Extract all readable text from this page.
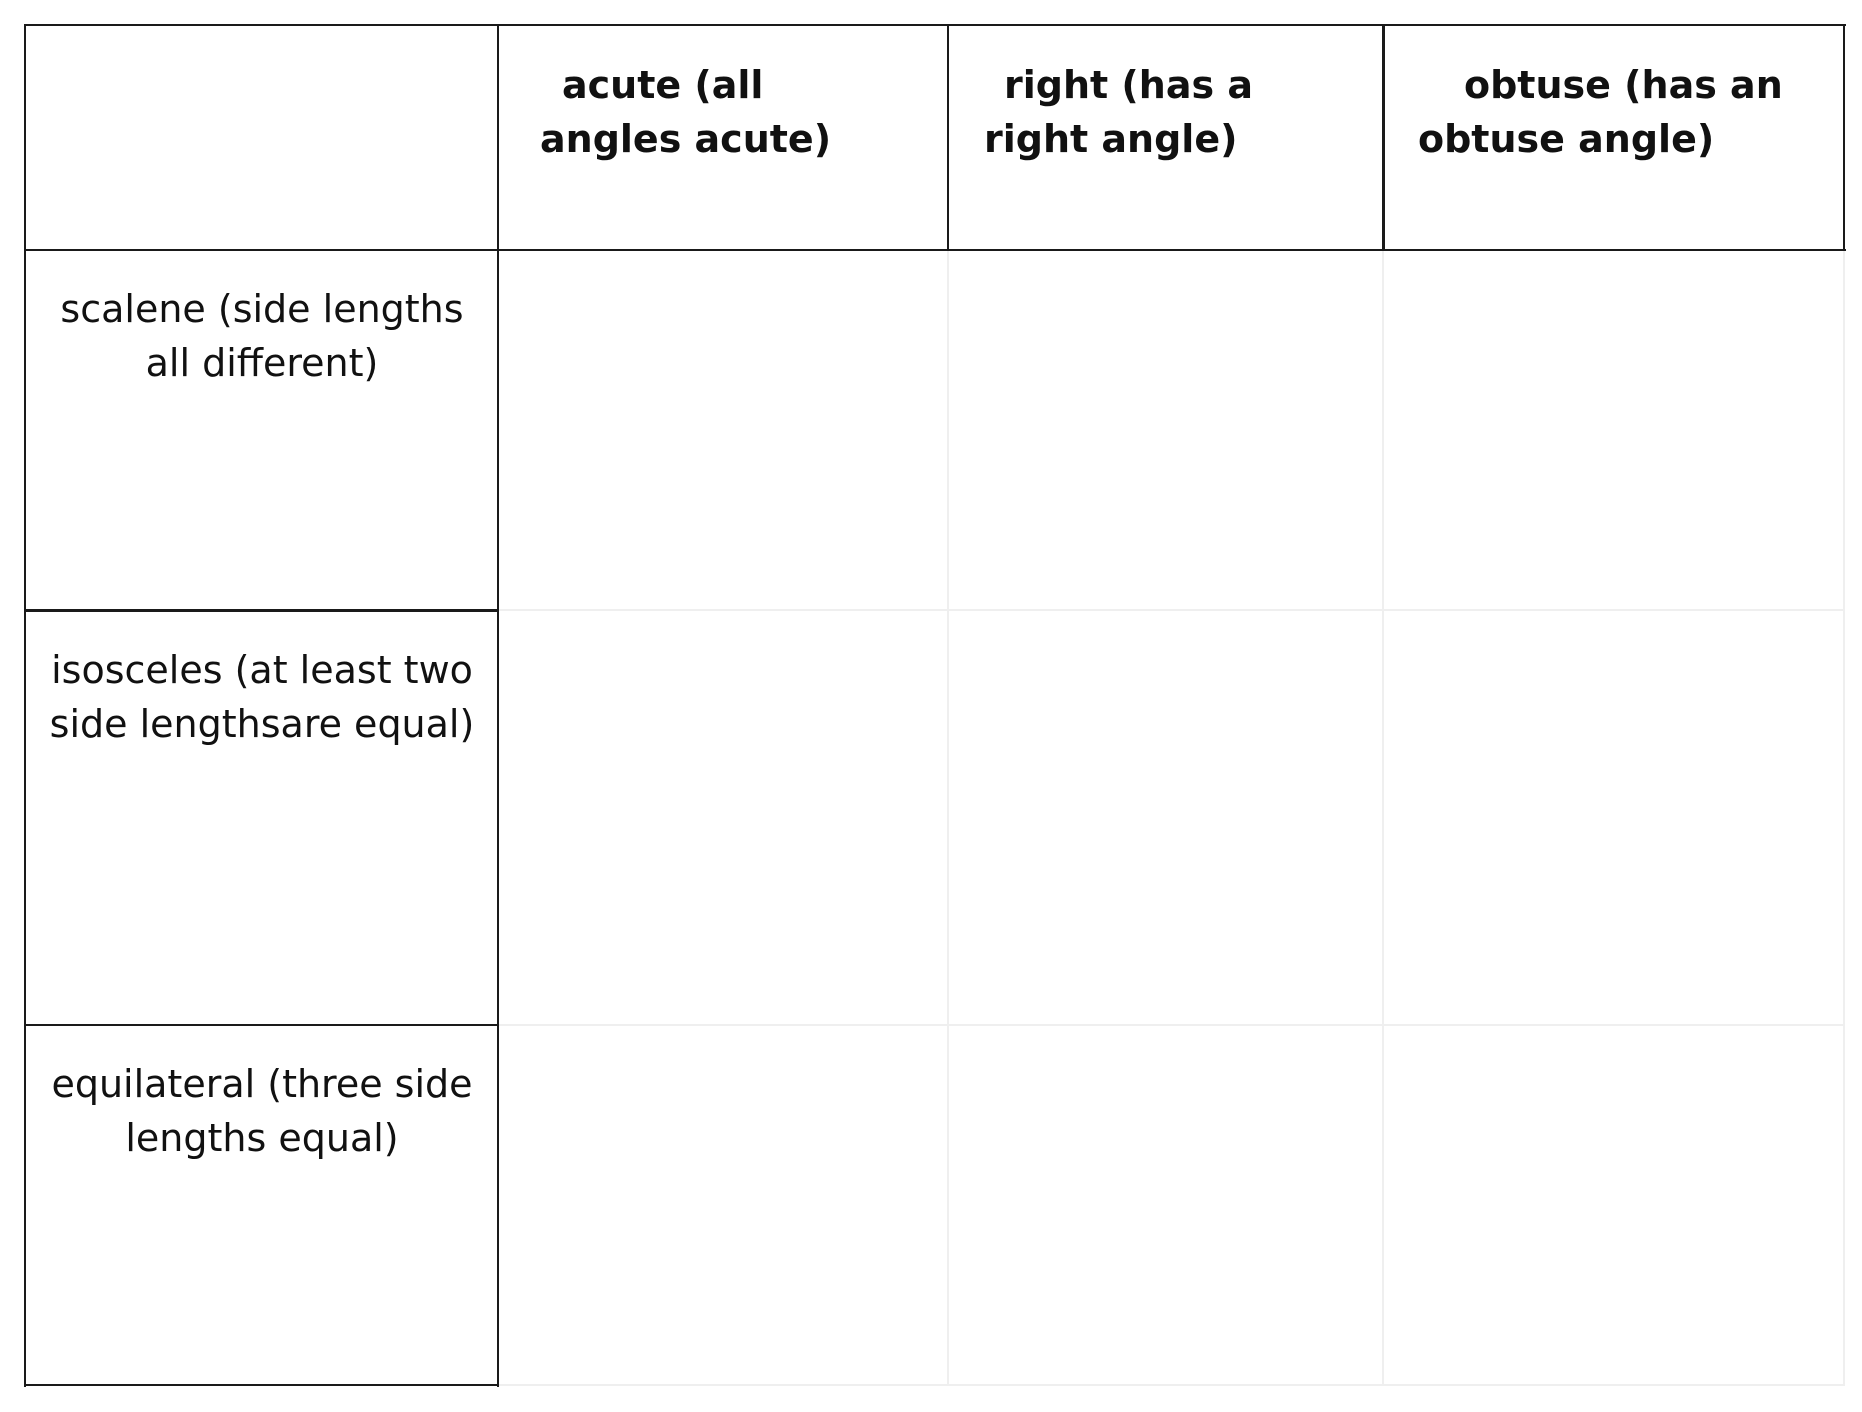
acute (all angles acute)
right (has a right angle)
obtuse (has an obtuse angle)
scalene (side lengths all different)
isosceles (at least two side lengthsare equal)
equilateral (three side lengths equal)
